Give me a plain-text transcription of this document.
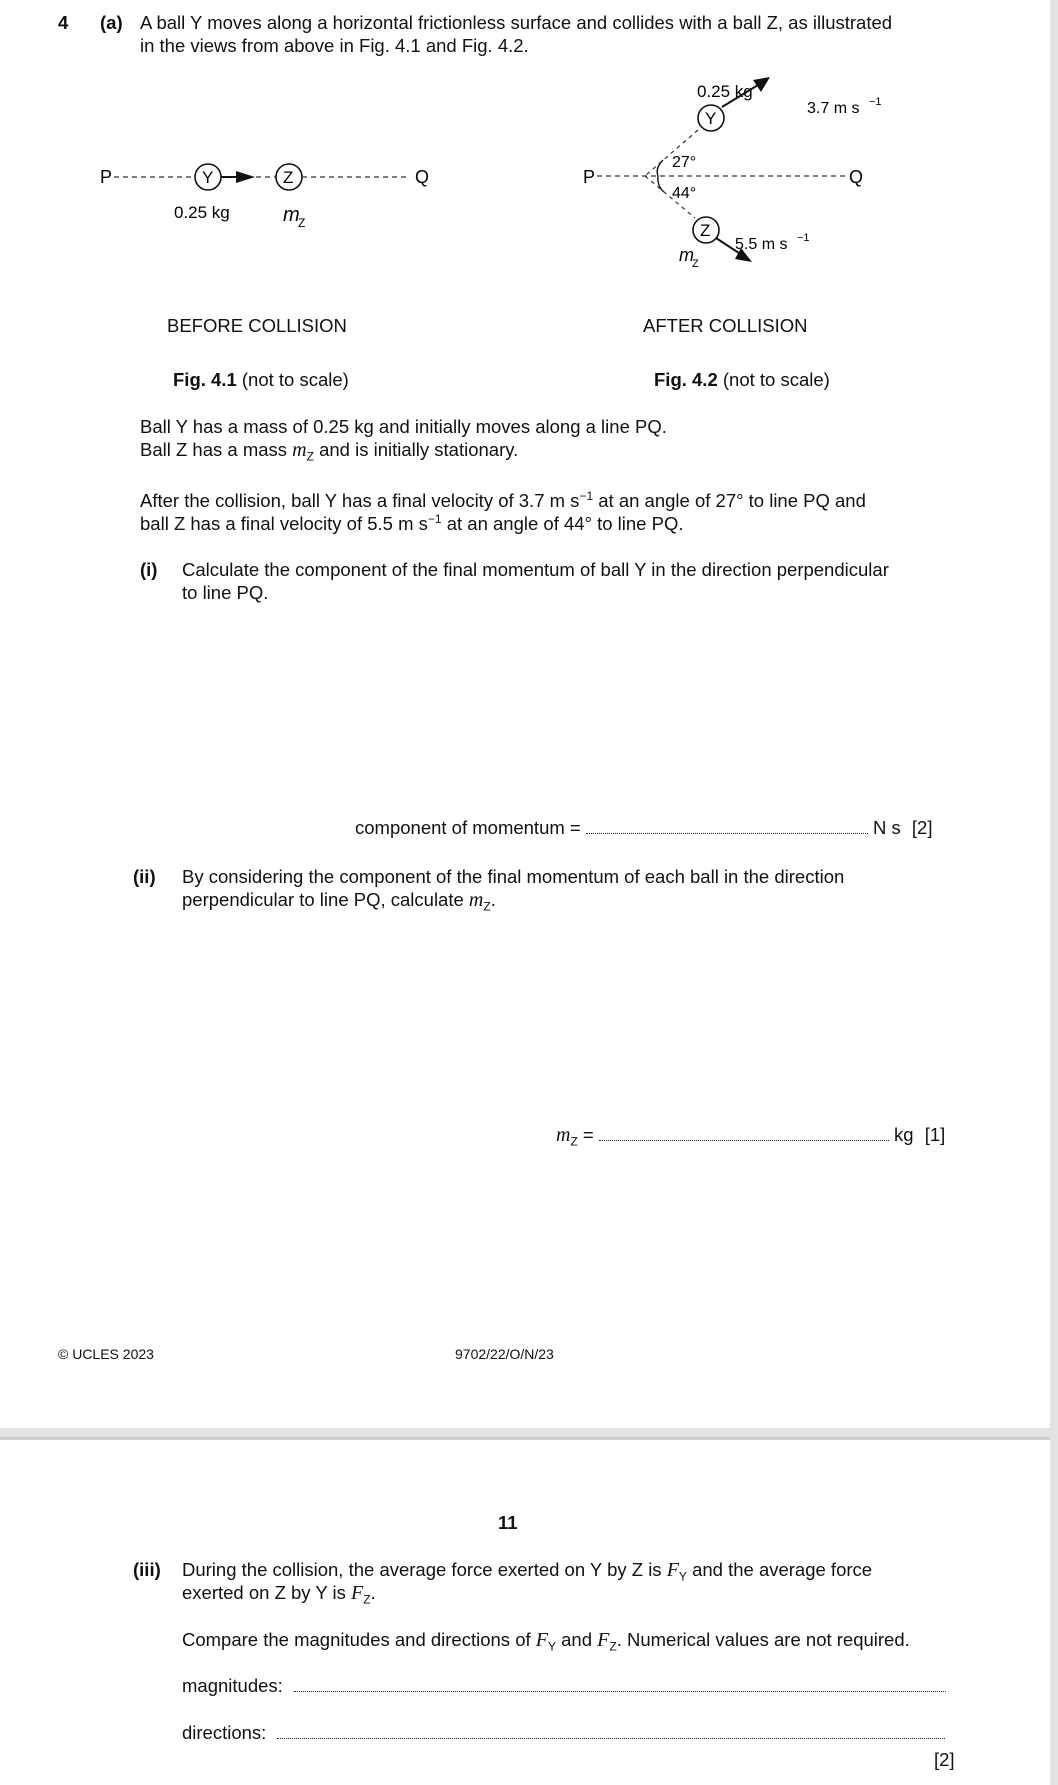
4 (a) A ball Y moves along a horizontal frictionless surface and collides with a ball Z, as illustrated
in the views from above in Fig. 4.1 and Fig. 4.2.
P	Y	Z	Q
0.25 kg	m
Z
0.25 kg
Y
3.7 m s −1
P	Q
27°
44°
Z
5.5 m s −1
m
Z
BEFORE COLLISION	AFTER COLLISION
Fig. 4.1 (not to scale)	Fig. 4.2 (not to scale)
Ball Y has a mass of 0.25 kg and initially moves along a line PQ.
Ball Z has a mass $m_Z$ and is initially stationary.
After the collision, ball Y has a final velocity of 3.7 m $s^{-1}$ at an angle of 27° to line PQ and
ball Z has a final velocity of 5.5 m $s^{-1}$ at an angle of 44° to line PQ.
(i) Calculate the component of the final momentum of ball Y in the direction perpendicular
to line PQ.
component of momentum =	N s [2]
(ii) By considering the component of the final momentum of each ball in the direction
perpendicular to line PQ, calculate $m_Z$.
$m_Z$ =	kg [1]
© UCLES 2023	9702/22/O/N/23
11
(iii) During the collision, the average force exerted on Y by Z is $F_Y$ and the average force
exerted on Z by Y is $F_Z$.
Compare the magnitudes and directions of $F_Y$ and $F_Z$. Numerical values are not required.
magnitudes:
directions:
[2]
